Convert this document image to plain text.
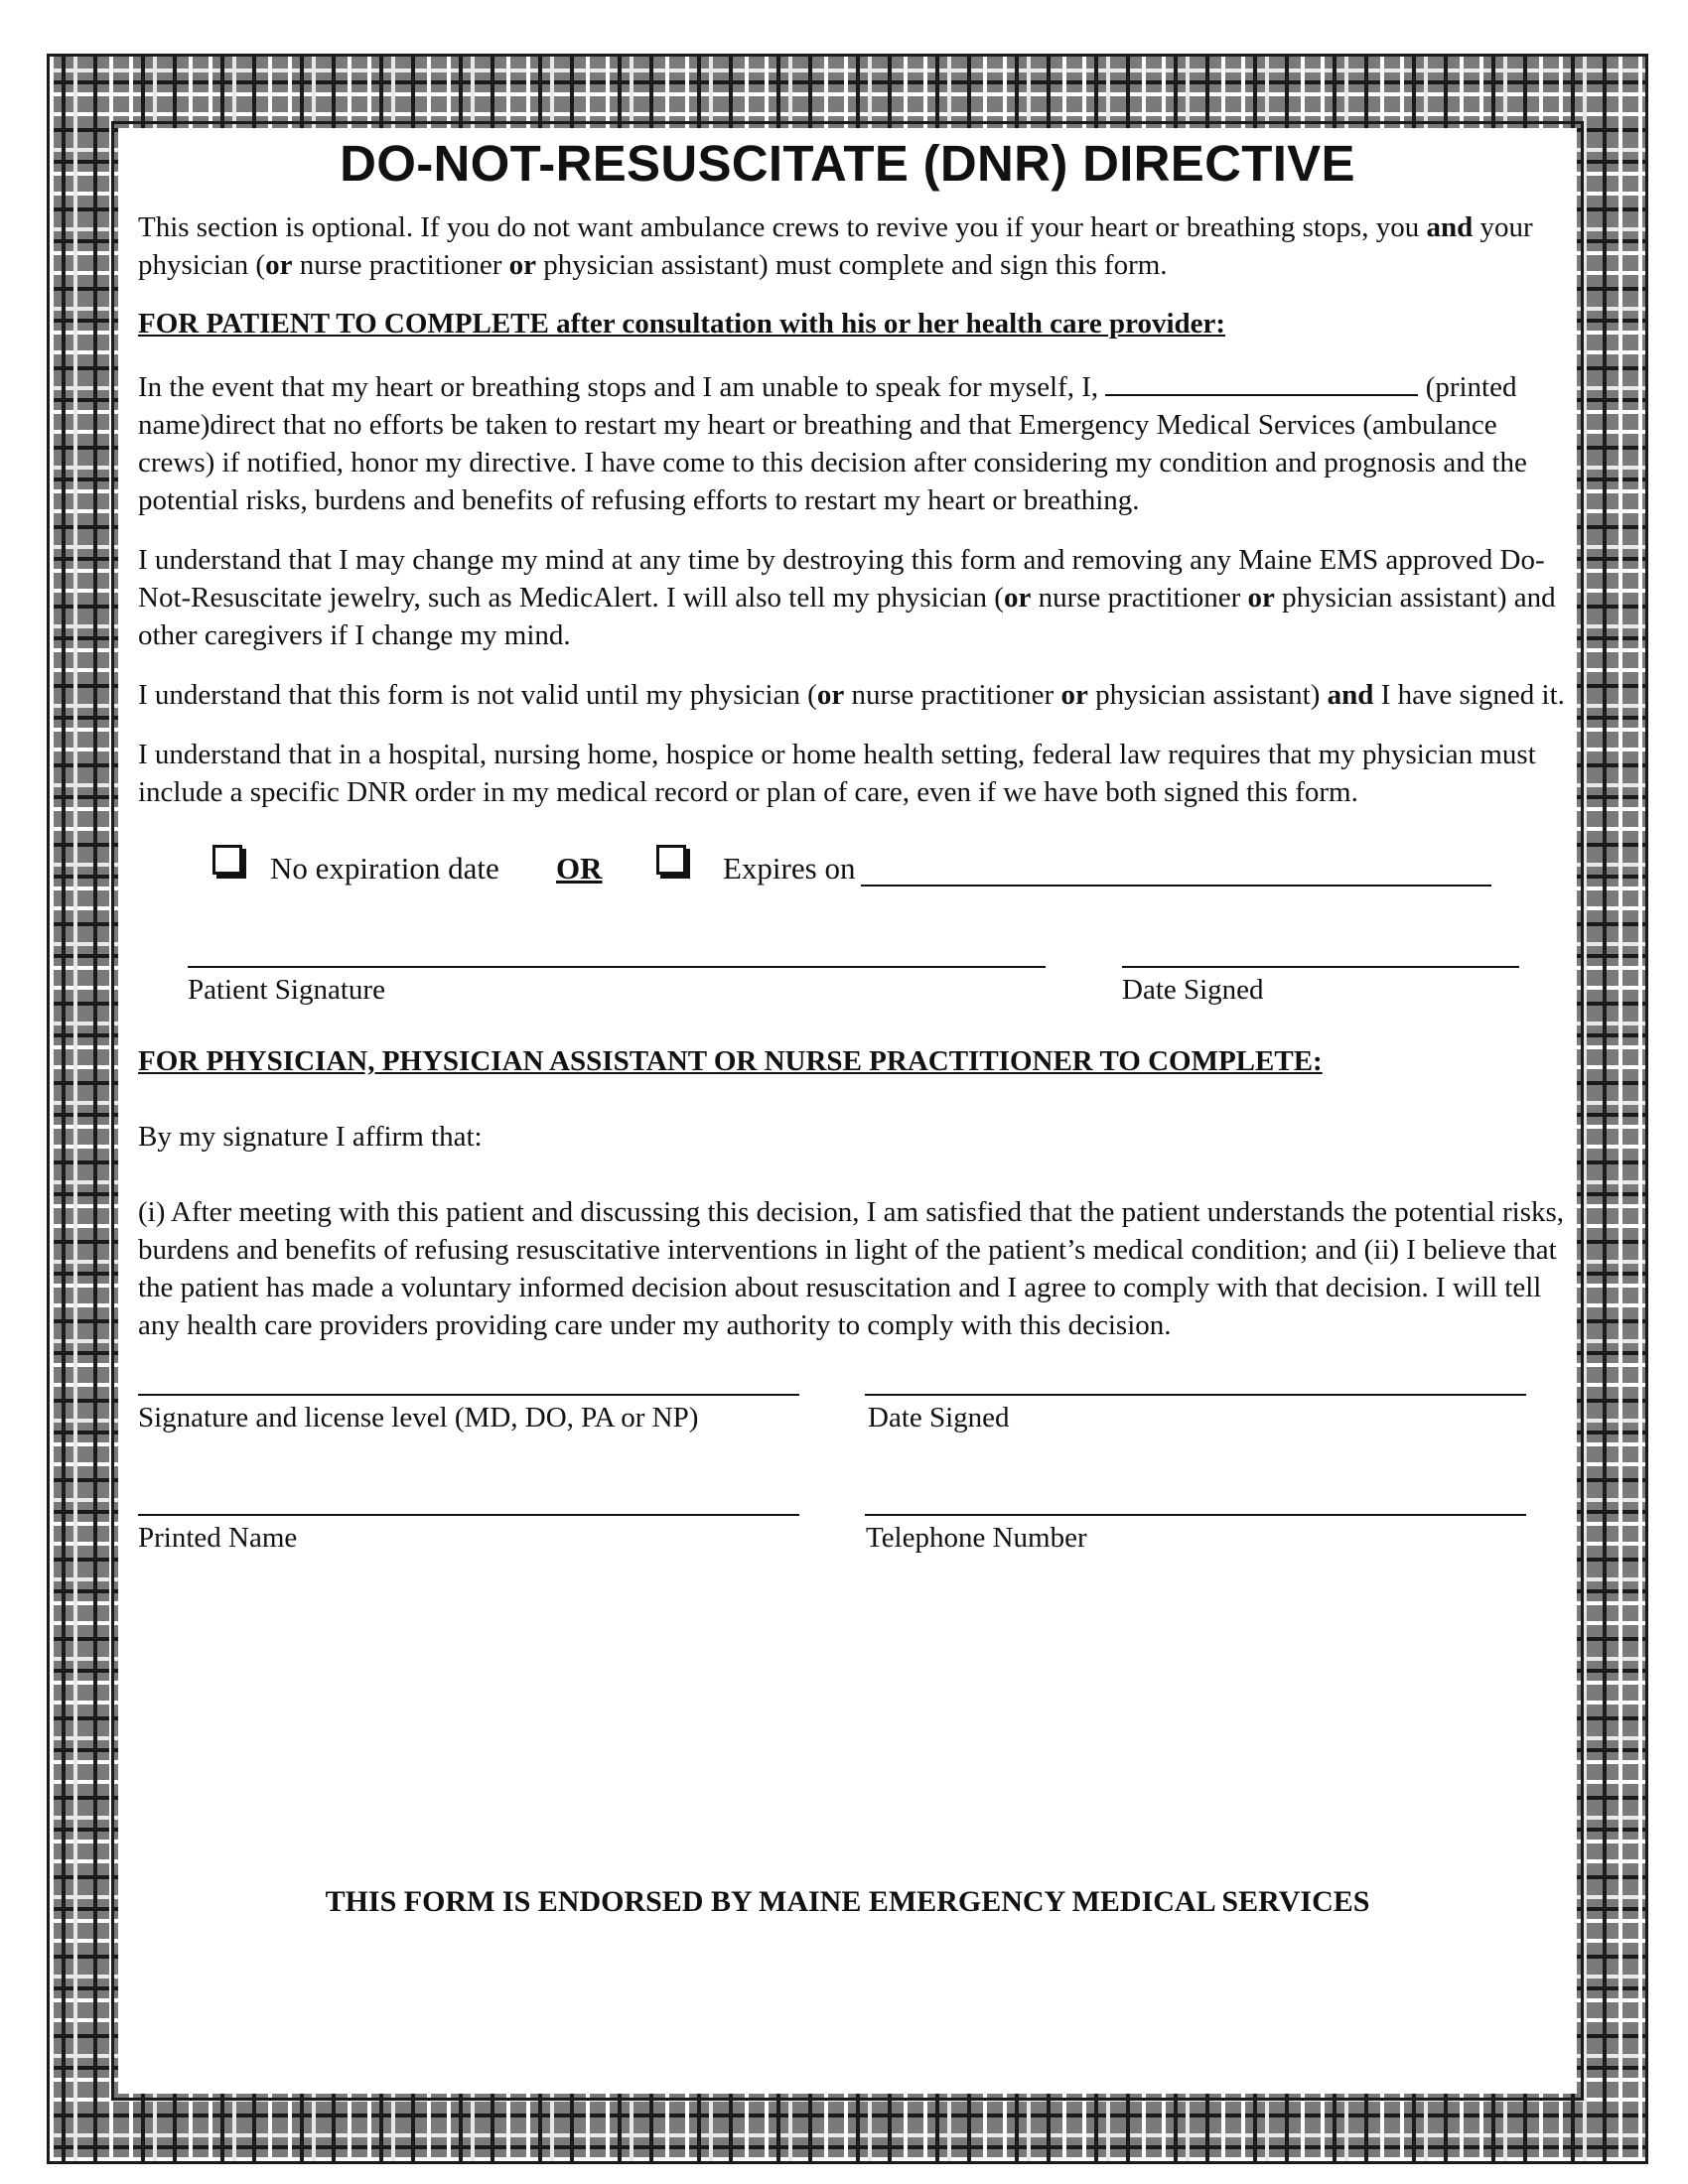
DO-NOT-RESUSCITATE (DNR) DIRECTIVE

This section is optional. If you do not want ambulance crews to revive you if your heart or breathing stops, you and your physician (or nurse practitioner or physician assistant) must complete and sign this form.

FOR PATIENT TO COMPLETE after consultation with his or her health care provider:

In the event that my heart or breathing stops and I am unable to speak for myself, I,	(printed name)direct that no efforts be taken to restart my heart or breathing and that Emergency Medical Services (ambulance crews) if notified, honor my directive. I have come to this decision after considering my condition and prognosis and the potential risks, burdens and benefits of refusing efforts to restart my heart or breathing.

I understand that I may change my mind at any time by destroying this form and removing any Maine EMS approved Do-Not-Resuscitate jewelry, such as MedicAlert. I will also tell my physician (or nurse practitioner or physician assistant) and other caregivers if I change my mind.

I understand that this form is not valid until my physician (or nurse practitioner or physician assistant) and I have signed it.

I understand that in a hospital, nursing home, hospice or home health setting, federal law requires that my physician must include a specific DNR order in my medical record or plan of care, even if we have both signed this form.

No expiration date OR	Expires on
Patient Signature	Date Signed

FOR PHYSICIAN, PHYSICIAN ASSISTANT OR NURSE PRACTITIONER TO COMPLETE:

By my signature I affirm that:

(i) After meeting with this patient and discussing this decision, I am satisfied that the patient understands the potential risks, burdens and benefits of refusing resuscitative interventions in light of the patient’s medical condition; and (ii) I believe that the patient has made a voluntary informed decision about resuscitation and I agree to comply with that decision. I will tell any health care providers providing care under my authority to comply with this decision.

Signature and license level (MD, DO, PA or NP)	Date Signed
Printed Name	Telephone Number
THIS FORM IS ENDORSED BY MAINE EMERGENCY MEDICAL SERVICES
